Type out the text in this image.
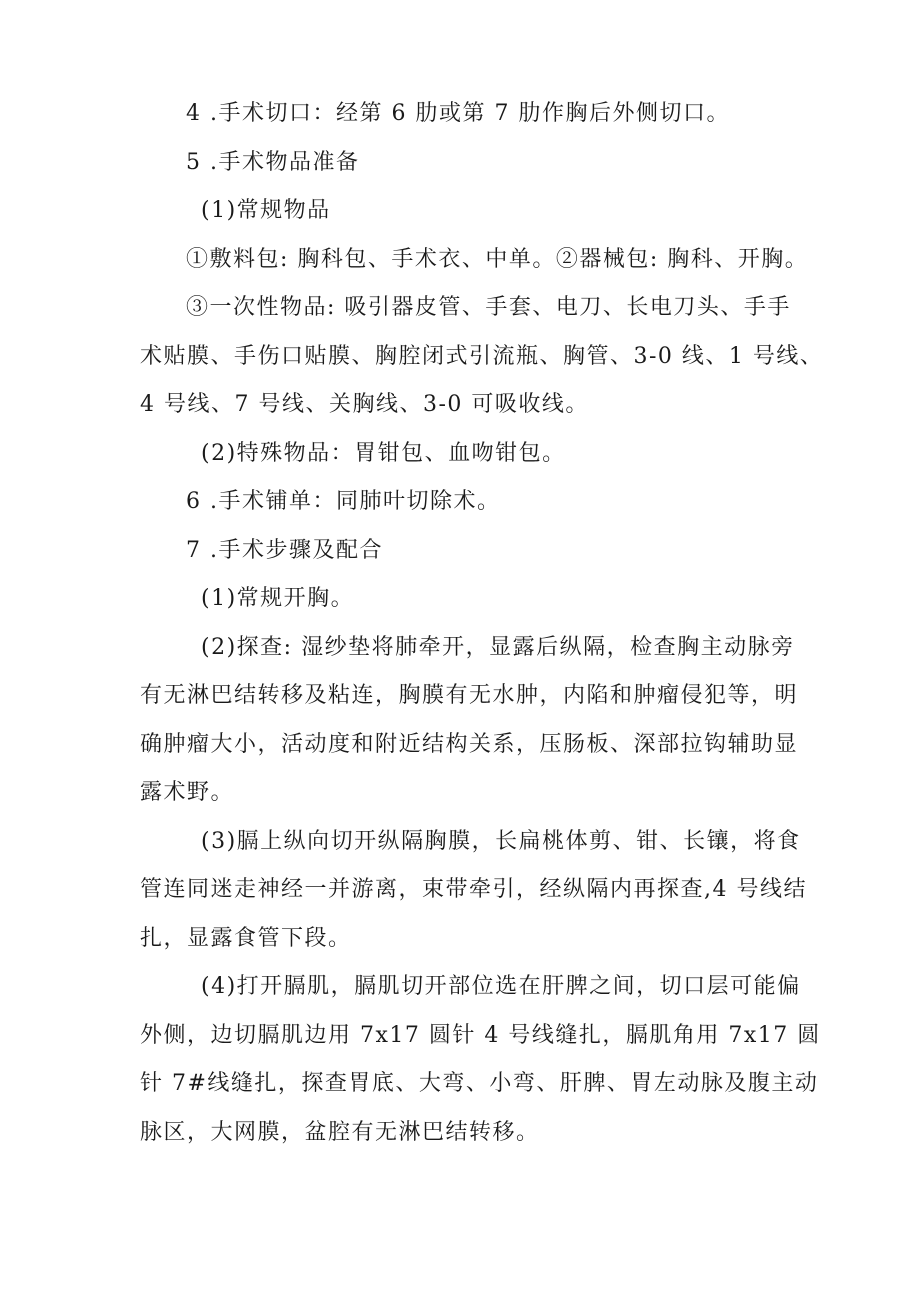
4 .手术切口：经第 6 肋或第 7 肋作胸后外侧切口。
5 .手术物品准备
(1)常规物品
①敷料包: 胸科包、手术衣、中单。②器械包: 胸科、开胸。
③一次性物品: 吸引器皮管、手套、电刀、长电刀头、手手
术贴膜、手伤口贴膜、胸腔闭式引流瓶、胸管、3-0 线、1 号线、
4 号线、7 号线、关胸线、3-0 可吸收线。
(2)特殊物品：胃钳包、血吻钳包。
6 .手术铺单：同肺叶切除术。
7 .手术步骤及配合
(1)常规开胸。
(2)探查: 湿纱垫将肺牵开，显露后纵隔，检查胸主动脉旁
有无淋巴结转移及粘连，胸膜有无水肿，内陷和肿瘤侵犯等，明
确肿瘤大小，活动度和附近结构关系，压肠板、深部拉钩辅助显
露术野。
(3)膈上纵向切开纵隔胸膜，长扁桃体剪、钳、长镶，将食
管连同迷走神经一并游离，束带牵引，经纵隔内再探查,4 号线结
扎，显露食管下段。
(4)打开膈肌，膈肌切开部位选在肝脾之间，切口层可能偏
外侧，边切膈肌边用 7x17 圆针 4 号线缝扎，膈肌角用 7x17 圆
针 7#线缝扎，探查胃底、大弯、小弯、肝脾、胃左动脉及腹主动
脉区，大网膜，盆腔有无淋巴结转移。
